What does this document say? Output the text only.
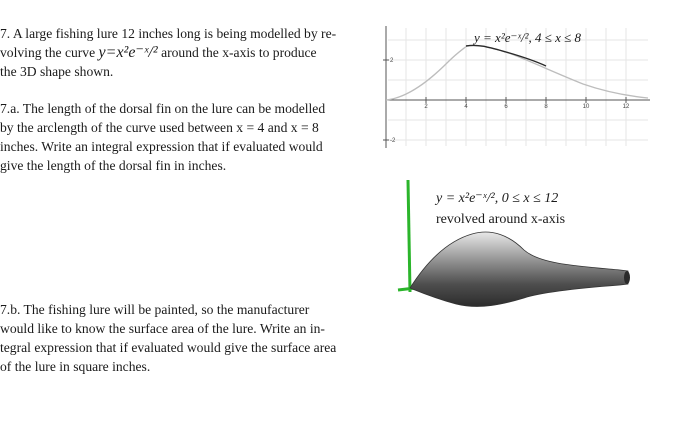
7. A large fishing lure 12 inches long is being modelled by re-
volving the curve y=x²e⁻ˣ/² around the x-axis to produce
the 3D shape shown.
7.a. The length of the dorsal fin on the lure can be modelled
by the arclength of the curve used between x = 4 and x = 8
inches. Write an integral expression that if evaluated would
give the length of the dorsal fin in inches.
7.b. The fishing lure will be painted, so the manufacturer
would like to know the surface area of the lure. Write an in-
tegral expression that if evaluated would give the surface area
of the lure in square inches.
2	4	6	8	10	12
2
-2
y = x²e⁻ˣ/², 4 ≤ x ≤ 8
y = x²e⁻ˣ/², 0 ≤ x ≤ 12
revolved around x-axis
